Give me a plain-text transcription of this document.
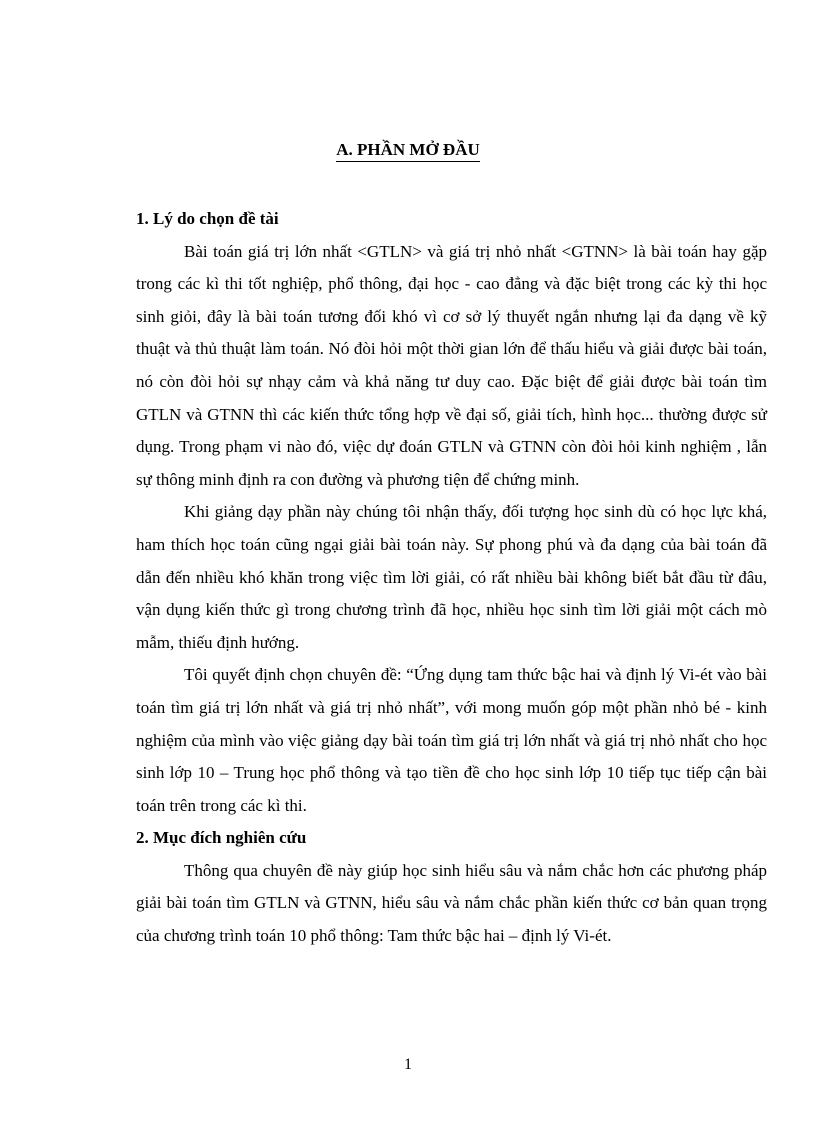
A. PHẦN MỞ ĐẦU

1. Lý do chọn đề tài

Bài toán giá trị lớn nhất <GTLN> và giá trị nhỏ nhất <GTNN> là bài toán hay gặp trong các kì thi tốt nghiệp, phổ thông, đại học - cao đẳng và đặc biệt trong các kỳ thi học sinh giỏi, đây là bài toán tương đối khó vì cơ sở lý thuyết ngắn nhưng lại đa dạng về kỹ thuật và thủ thuật làm toán. Nó đòi hỏi một thời gian lớn để thấu hiểu và giải được bài toán, nó còn đòi hỏi sự nhạy cảm và khả năng tư duy cao. Đặc biệt để giải được bài toán tìm GTLN và GTNN thì các kiến thức tổng hợp về đại số, giải tích, hình học... thường được sử dụng. Trong phạm vi nào đó, việc dự đoán GTLN và GTNN còn đòi hỏi kinh nghiệm , lẫn sự thông minh định ra con đường và phương tiện để chứng minh.

Khi giảng dạy phần này chúng tôi nhận thấy, đối tượng học sinh dù có học lực khá, ham thích học toán cũng ngại giải bài toán này. Sự phong phú và đa dạng của bài toán đã dẫn đến nhiều khó khăn trong việc tìm lời giải, có rất nhiều bài không biết bắt đầu từ đâu, vận dụng kiến thức gì trong chương trình đã học, nhiều học sinh tìm lời giải một cách mò mẫm, thiếu định hướng.

Tôi quyết định chọn chuyên đề: “Ứng dụng tam thức bậc hai và định lý Vi-ét vào bài toán tìm giá trị lớn nhất và giá trị nhỏ nhất”, với mong muốn góp một phần nhỏ bé - kinh nghiệm của mình vào việc giảng dạy bài toán tìm giá trị lớn nhất và giá trị nhỏ nhất cho học sinh lớp 10 – Trung học phổ thông và tạo tiền đề cho học sinh lớp 10 tiếp tục tiếp cận bài toán trên trong các kì thi.

2. Mục đích nghiên cứu

Thông qua chuyên đề này giúp học sinh hiểu sâu và nắm chắc hơn các phương pháp giải bài toán tìm GTLN và GTNN, hiểu sâu và nắm chắc phần kiến thức cơ bản quan trọng của chương trình toán 10 phổ thông: Tam thức bậc hai – định lý Vi-ét.

1
